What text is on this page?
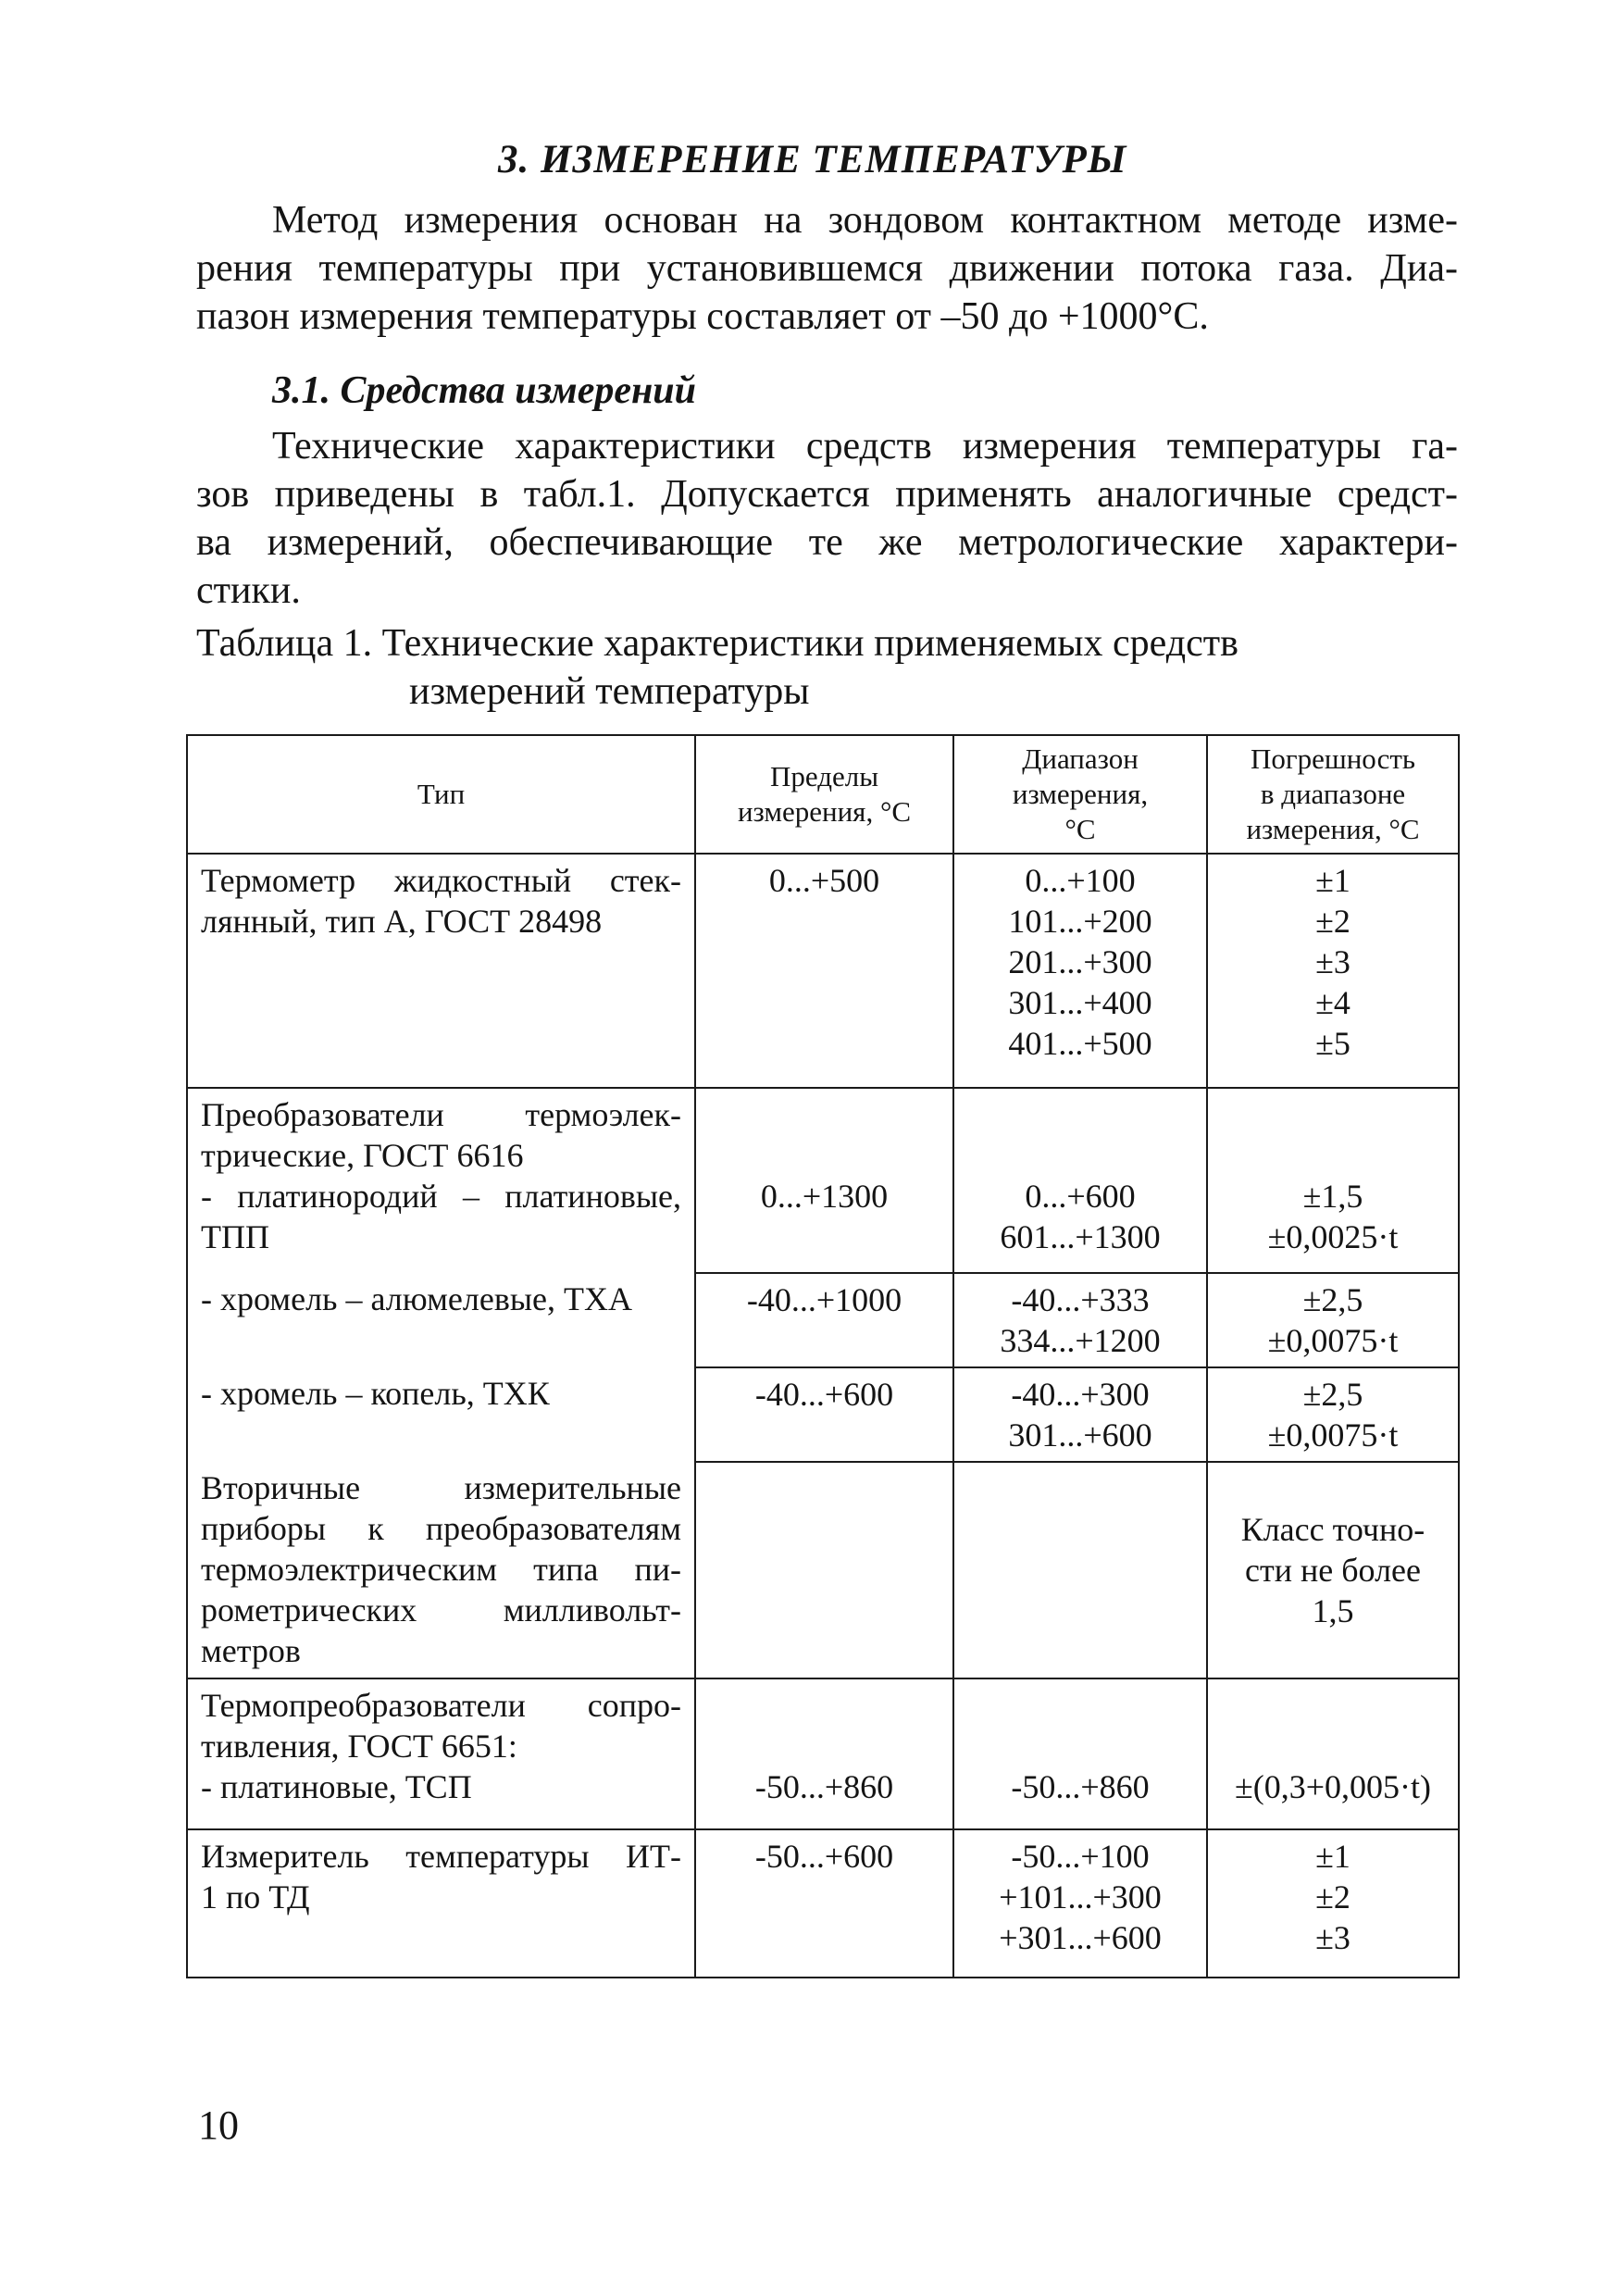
3. ИЗМЕРЕНИЕ ТЕМПЕРАТУРЫ
Метод измерения основан на зондовом контактном методе изме-
рения температуры при установившемся движении потока газа. Диа-
пазон измерения температуры составляет от –50 до +1000°С.
3.1. Средства измерений
Технические характеристики средств измерения температуры га-
зов приведены в табл.1. Допускается применять аналогичные средст-
ва измерений, обеспечивающие те же метрологические характери-
стики.

Таблица 1. Технические характеристики применяемых средств
измерений температуры

Тип	Пределы
измерения, °С	Диапазон
измерения,
°С	Погрешность
в диапазоне
измерения, °С

Термометр жидкостный стек-
лянный, тип А, ГОСТ 28498	0...+500	0...+100
101...+200
201...+300
301...+400
401...+500	±1
±2
±3
±4
±5

Преобразователи термоэлек-
трические, ГОСТ 6616
- платинородий – платиновые,
ТПП	0...+1300	0...+600
601...+1300	±1,5
±0,0025·t

- хромель – алюмелевые, ТХА	-40...+1000	-40...+333
334...+1200	±2,5
±0,0075·t

- хромель – копель, ТХК	-40...+600	-40...+300
301...+600	±2,5
±0,0075·t

Вторичные измерительные
приборы к преобразователям
термоэлектрическим типа пи-
рометрических милливольт-
метров			Класс точно-
сти не более
1,5

Термопреобразователи сопро-
тивления, ГОСТ 6651:
- платиновые, ТСП	-50...+860	-50...+860	±(0,3+0,005·t)

Измеритель температуры ИТ-
1 по ТД	-50...+600	-50...+100
+101...+300
+301...+600	±1
±2
±3

10
